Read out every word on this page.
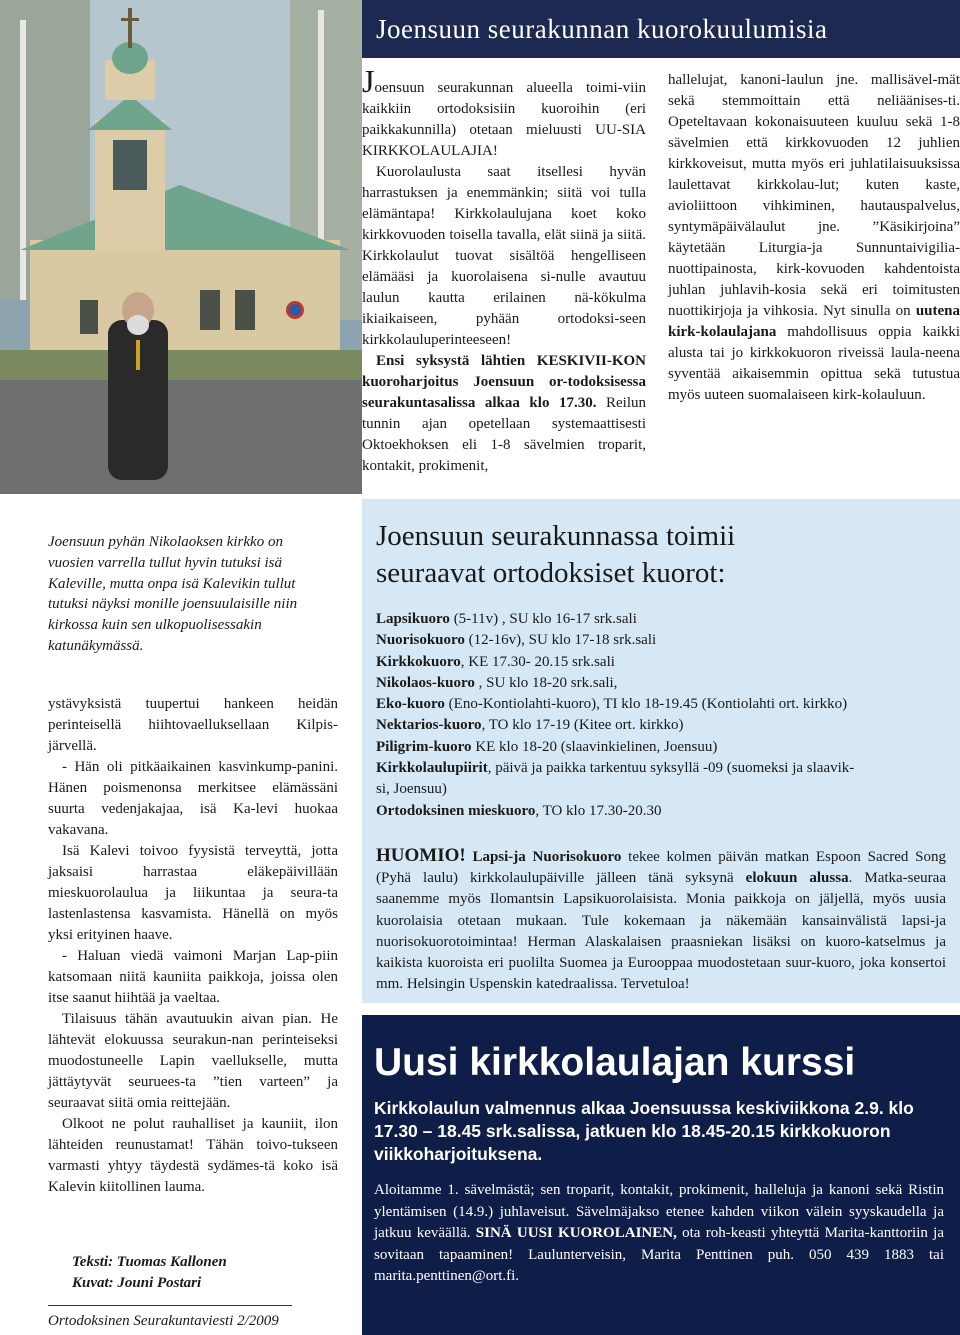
Joensuun seurakunnan kuorokuulumisia

Joensuun seurakunnan alueella toimi-viin kaikkiin ortodoksisiin kuoroihin (eri paikkakunnilla) otetaan mieluusti UU-SIA KIRKKOLAULAJIA!

Kuorolaulusta saat itsellesi hyvän harrastuksen ja enemmänkin; siitä voi tulla elämäntapa! Kirkkolaulujana koet koko kirkkovuoden toisella tavalla, elät siinä ja siitä. Kirkkolaulut tuovat sisältöä hengelliseen elämääsi ja kuorolaisena si-nulle avautuu laulun kautta erilainen nä-kökulma ikiaikaiseen, pyhään ortodoksi-seen kirkkolauluperinteeseen!

Ensi syksystä lähtien KESKIVII-KON kuoroharjoitus Joensuun or-todoksisessa seurakuntasalissa alkaa klo 17.30. Reilun tunnin ajan opetellaan systemaattisesti Oktoekhoksen eli 1-8 sävelmien troparit, kontakit, prokimenit,

hallelujat, kanoni-laulun jne. mallisävel-mät sekä stemmoittain että neliäänises-ti. Opeteltavaan kokonaisuuteen kuuluu sekä 1-8 sävelmien että kirkkovuoden 12 juhlien kirkkoveisut, mutta myös eri juhlatilaisuuksissa laulettavat kirkkolau-lut; kuten kaste, avioliittoon vihkiminen, hautauspalvelus, syntymäpäivälaulut jne. ”Käsikirjoina” käytetään Liturgia-ja Sunnuntaivigilia-nuottipainosta, kirk-kovuoden kahdentoista juhlan juhlavih-kosia sekä eri toimitusten nuottikirjoja ja vihkosia. Nyt sinulla on uutena kirk-kolaulajana mahdollisuus oppia kaikki alusta tai jo kirkkokuoron riveissä laula-neena syventää aikaisemmin opittua sekä tutustua myös uuteen suomalaiseen kirk-kolauluun.

Joensuun pyhän Nikolaoksen kirkko on vuosien varrella tullut hyvin tutuksi isä Kaleville, mutta onpa isä Kalevikin tullut tutuksi näyksi monille joensuulaisille niin kirkossa kuin sen ulkopuolisessakin katunäkymässä.

ystävyksistä tuupertui hankeen heidän perinteisellä hiihtovaelluksellaan Kilpis-järvellä.

- Hän oli pitkäaikainen kasvinkump-panini. Hänen poismenonsa merkitsee elämässäni suurta vedenjakajaa, isä Ka-levi huokaa vakavana.

Isä Kalevi toivoo fyysistä terveyttä, jotta jaksaisi harrastaa eläkepäivillään mieskuorolaulua ja liikuntaa ja seura-ta lastenlastensa kasvamista. Hänellä on myös yksi erityinen haave.

- Haluan viedä vaimoni Marjan Lap-piin katsomaan niitä kauniita paikkoja, joissa olen itse saanut hiihtää ja vaeltaa.

Tilaisuus tähän avautuukin aivan pian. He lähtevät elokuussa seurakun-nan perinteiseksi muodostuneelle Lapin vaellukselle, mutta jättäytyvät seuruees-ta ”tien varteen” ja seuraavat siitä omia reittejään.

Olkoot ne polut rauhalliset ja kauniit, ilon lähteiden reunustamat! Tähän toivo-tukseen varmasti yhtyy täydestä sydämes-tä koko isä Kalevin kiitollinen lauma.

Teksti: Tuomas Kallonen
Kuvat: Jouni Postari
Ortodoksinen Seurakuntaviesti 2/2009
Joensuun seurakunnassa toimii
seuraavat ortodoksiset kuorot:
Lapsikuoro (5-11v) , SU klo 16-17 srk.sali
Nuorisokuoro (12-16v), SU klo 17-18 srk.sali
Kirkkokuoro, KE 17.30- 20.15 srk.sali
Nikolaos-kuoro , SU klo 18-20 srk.sali,
Eko-kuoro (Eno-Kontiolahti-kuoro), TI klo 18-19.45 (Kontiolahti ort. kirkko)
Nektarios-kuoro, TO klo 17-19 (Kitee ort. kirkko)
Piligrim-kuoro KE klo 18-20 (slaavinkielinen, Joensuu)
Kirkkolaulupiirit, päivä ja paikka tarkentuu syksyllä -09 (suomeksi ja slaavik-
si, Joensuu)
Ortodoksinen mieskuoro, TO klo 17.30-20.30
HUOMIO! Lapsi-ja Nuorisokuoro tekee kolmen päivän matkan Espoon Sacred Song (Pyhä laulu) kirkkolaulupäiville jälleen tänä syksynä elokuun alussa. Matka-seuraa saanemme myös Ilomantsin Lapsikuorolaisista. Monia paikkoja on jäljellä, myös uusia kuorolaisia otetaan mukaan. Tule kokemaan ja näkemään kansainvälistä lapsi-ja nuorisokuorotoimintaa! Herman Alaskalaisen praasniekan lisäksi on kuoro-katselmus ja kaikista kuoroista eri puolilta Suomea ja Eurooppaa muodostetaan suur-kuoro, joka konsertoi mm. Helsingin Uspenskin katedraalissa. Tervetuloa!
Uusi kirkkolaulajan kurssi
Kirkkolaulun valmennus alkaa Joensuussa keskiviikkona 2.9. klo 17.30 – 18.45 srk.salissa, jatkuen klo 18.45-20.15 kirkkokuoron viikkoharjoituksena.
Aloitamme 1. sävelmästä; sen troparit, kontakit, prokimenit, halleluja ja kanoni sekä Ristin ylentämisen (14.9.) juhlaveisut. Sävelmäjakso etenee kahden viikon välein syyskaudella ja jatkuu keväällä. SINÄ UUSI KUOROLAINEN, ota roh-keasti yhteyttä Marita-kanttoriin ja sovitaan tapaaminen! Laulunterveisin, Marita Penttinen puh. 050 439 1883 tai marita.penttinen@ort.fi.
